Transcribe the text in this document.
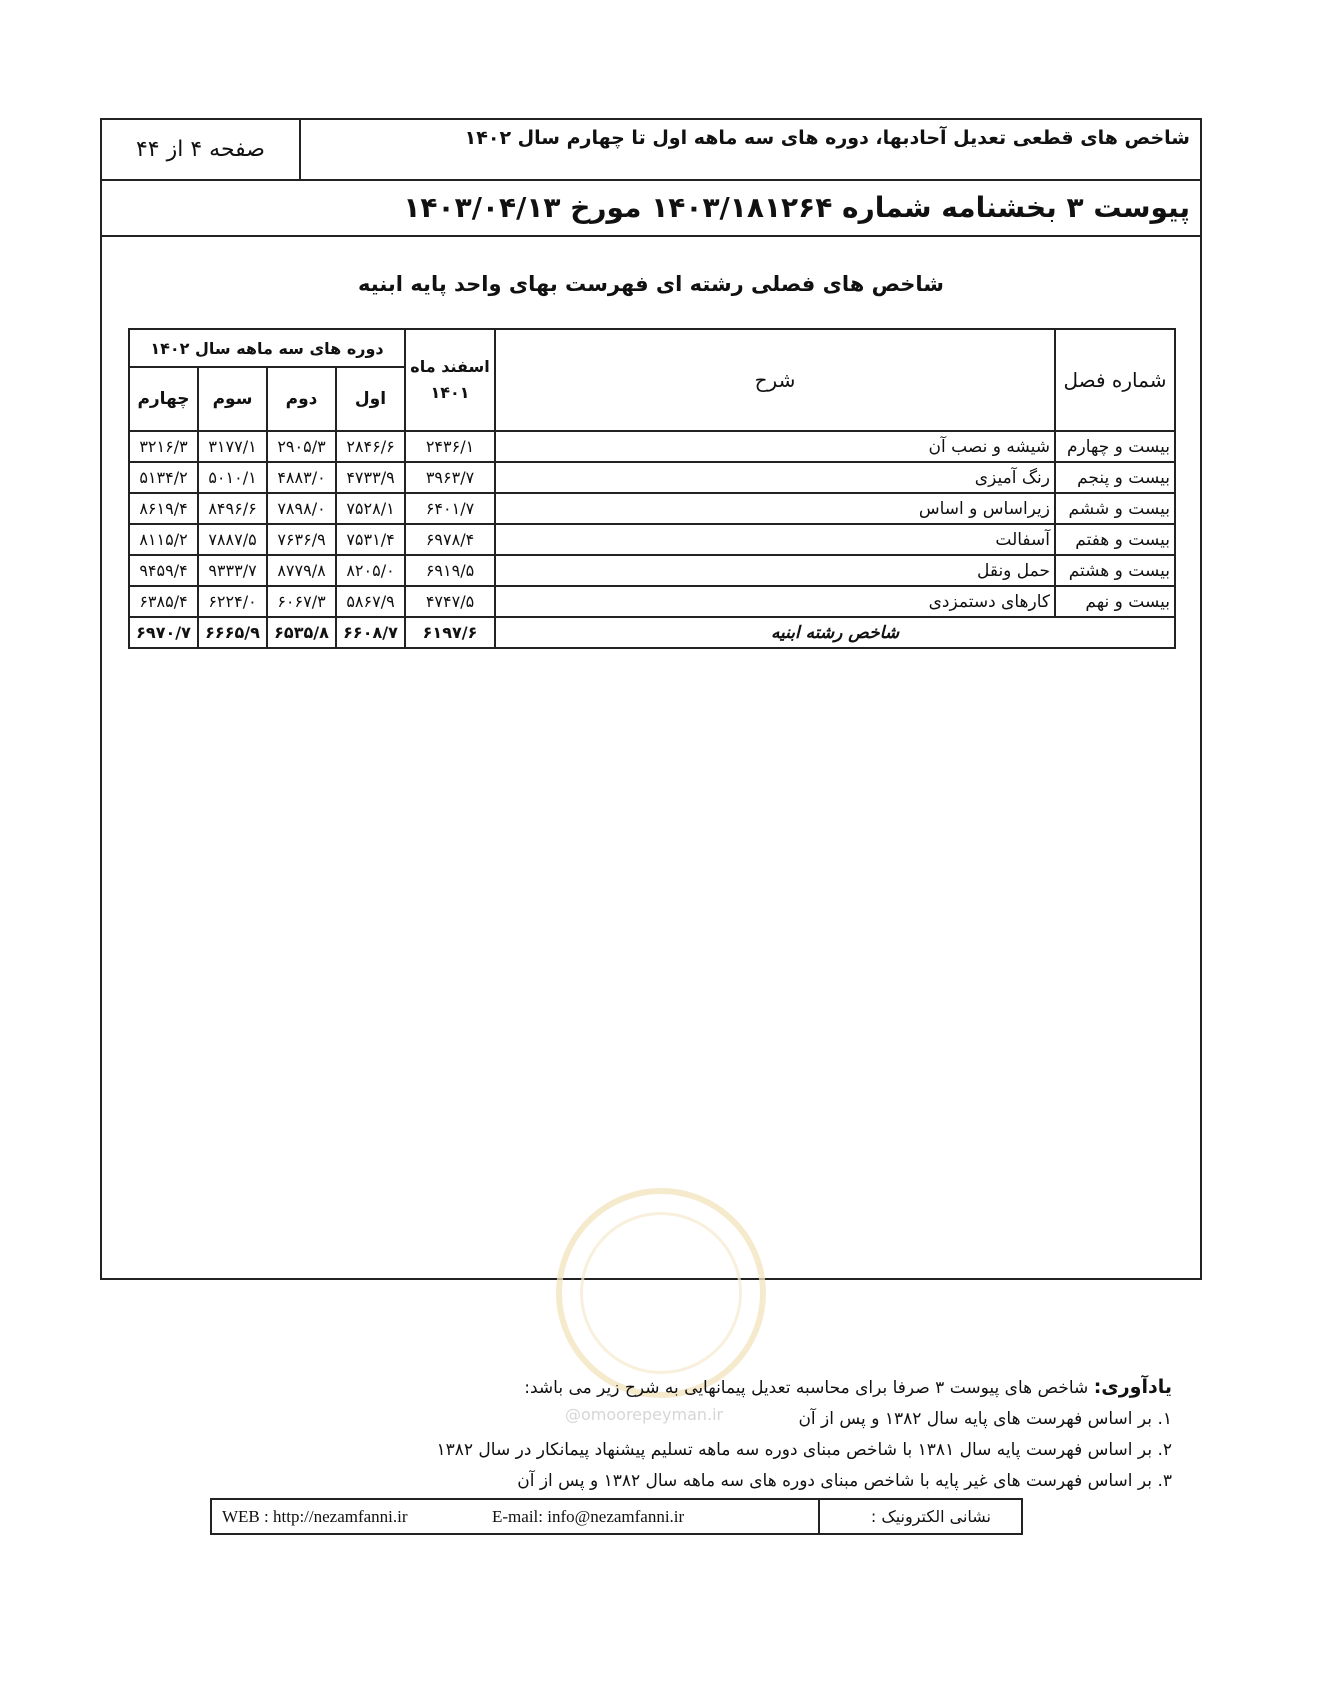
شاخص های قطعی تعدیل آحادبها، دوره های سه ماهه اول تا چهارم سال ۱۴۰۲
صفحه ۴ از ۴۴
پیوست ۳ بخشنامه شماره ۱۴۰۳/۱۸۱۲۶۴ مورخ ۱۴۰۳/۰۴/۱۳
شاخص های فصلی رشته ای فهرست بهای واحد پایه ابنیه
شماره فصل	شرح	اسفند ماه
۱۴۰۱	دوره های سه ماهه سال ۱۴۰۲			
			اول	دوم	سوم	چهارم
بیست و چهارم	شیشه و نصب آن	۲۴۳۶/۱	۲۸۴۶/۶	۲۹۰۵/۳	۳۱۷۷/۱	۳۲۱۶/۳
بیست و پنجم	رنگ آمیزی	۳۹۶۳/۷	۴۷۳۳/۹	۴۸۸۳/۰	۵۰۱۰/۱	۵۱۳۴/۲
بیست و ششم	زیراساس و اساس	۶۴۰۱/۷	۷۵۲۸/۱	۷۸۹۸/۰	۸۴۹۶/۶	۸۶۱۹/۴
بیست و هفتم	آسفالت	۶۹۷۸/۴	۷۵۳۱/۴	۷۶۳۶/۹	۷۸۸۷/۵	۸۱۱۵/۲
بیست و هشتم	حمل ونقل	۶۹۱۹/۵	۸۲۰۵/۰	۸۷۷۹/۸	۹۳۳۳/۷	۹۴۵۹/۴
بیست و نهم	کارهای دستمزدی	۴۷۴۷/۵	۵۸۶۷/۹	۶۰۶۷/۳	۶۲۲۴/۰	۶۳۸۵/۴
شاخص رشته ابنیه		۶۱۹۷/۶	۶۶۰۸/۷	۶۵۳۵/۸	۶۶۶۵/۹	۶۹۷۰/۷
@omoorepeyman.ir
یادآوری: شاخص های پیوست ۳ صرفا برای محاسبه تعدیل پیمانهایی به شرح زیر می باشد:
۱. بر اساس فهرست های پایه سال ۱۳۸۲ و پس از آن
۲. بر اساس فهرست پایه سال ۱۳۸۱ با شاخص مبنای دوره سه ماهه تسلیم پیشنهاد پیمانکار در سال ۱۳۸۲
۳. بر اساس فهرست های غیر پایه با شاخص مبنای دوره های سه ماهه سال ۱۳۸۲ و پس از آن
WEB : http://nezamfanni.ir	E-mail: info@nezamfanni.ir	نشانی الکترونیک :
